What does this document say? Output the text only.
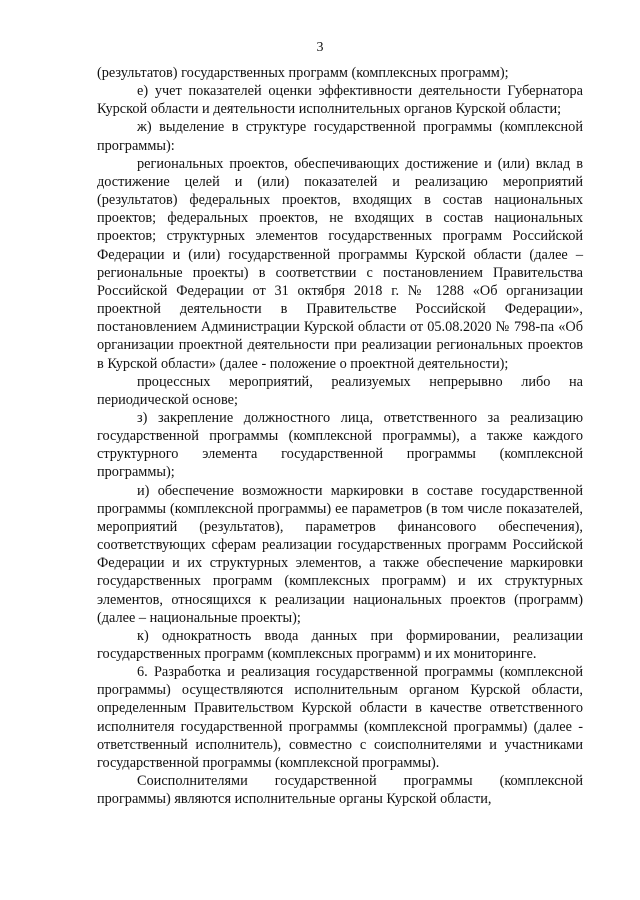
3

(результатов) государственных программ (комплексных программ);

е) учет показателей оценки эффективности деятельности Губернатора Курской области и деятельности исполнительных органов Курской области;

ж) выделение в структуре государственной программы (комплексной программы):

региональных проектов, обеспечивающих достижение и (или) вклад в достижение целей и (или) показателей и реализацию мероприятий (результатов) федеральных проектов, входящих в состав национальных проектов; федеральных проектов, не входящих в состав национальных проектов; структурных элементов государственных программ Российской Федерации и (или) государственной программы Курской области (далее – региональные проекты) в соответствии с постановлением Правительства Российской Федерации от 31 октября 2018 г. № 1288 «Об организации проектной деятельности в Правительстве Российской Федерации», постановлением Администрации Курской области от 05.08.2020 № 798-па «Об организации проектной деятельности при реализации региональных проектов в Курской области» (далее - положение о проектной деятельности);

процессных мероприятий, реализуемых непрерывно либо на периодической основе;

з) закрепление должностного лица, ответственного за реализацию государственной программы (комплексной программы), а также каждого структурного элемента государственной программы (комплексной программы);

и) обеспечение возможности маркировки в составе государственной программы (комплексной программы) ее параметров (в том числе показателей, мероприятий (результатов), параметров финансового обеспечения), соответствующих сферам реализации государственных программ Российской Федерации и их структурных элементов, а также обеспечение маркировки государственных программ (комплексных программ) и их структурных элементов, относящихся к реализации национальных проектов (программ) (далее – национальные проекты);

к) однократность ввода данных при формировании, реализации государственных программ (комплексных программ) и их мониторинге.

6. Разработка и реализация государственной программы (комплексной программы) осуществляются исполнительным органом Курской области, определенным Правительством Курской области в качестве ответственного исполнителя государственной программы (комплексной программы) (далее - ответственный исполнитель), совместно с соисполнителями и участниками государственной программы (комплексной программы).

Соисполнителями государственной программы (комплексной программы) являются исполнительные органы Курской области,
